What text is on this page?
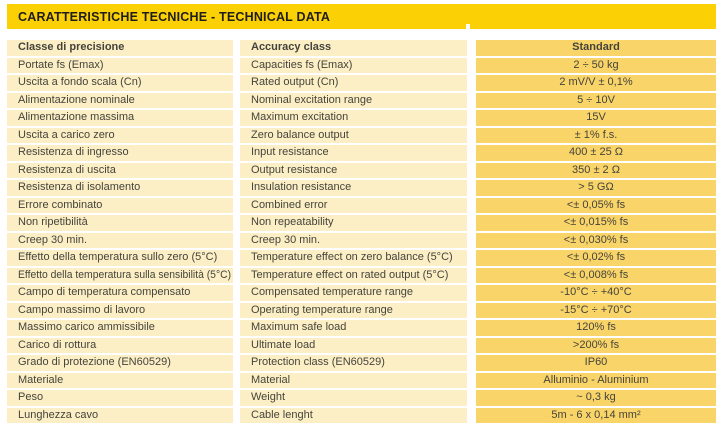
CARATTERISTICHE TECNICHE - TECHNICAL DATA
Classe di precisione	Accuracy class	Standard
Portate fs (Emax)	Capacities fs (Emax)	2 ÷ 50 kg
Uscita a fondo scala (Cn)	Rated output (Cn)	2 mV/V ± 0,1%
Alimentazione nominale	Nominal excitation range	5 ÷ 10V
Alimentazione massima	Maximum excitation	15V
Uscita a carico zero	Zero balance output	± 1% f.s.
Resistenza di ingresso	Input resistance	400 ± 25 Ω
Resistenza di uscita	Output resistance	350 ± 2 Ω
Resistenza di isolamento	Insulation resistance	> 5 GΩ
Errore combinato	Combined error	<± 0,05% fs
Non ripetibilità	Non repeatability	<± 0,015% fs
Creep 30 min.	Creep 30 min.	<± 0,030% fs
Effetto della temperatura sullo zero (5°C)	Temperature effect on zero balance (5°C)	<± 0,02% fs
Effetto della temperatura sulla sensibilità (5°C)	Temperature effect on rated output (5°C)	<± 0,008% fs
Campo di temperatura compensato	Compensated temperature range	-10°C ÷ +40°C
Campo massimo di lavoro	Operating temperature range	-15°C ÷ +70°C
Massimo carico ammissibile	Maximum safe load	120% fs
Carico di rottura	Ultimate load	>200% fs
Grado di protezione (EN60529)	Protection class (EN60529)	IP60
Materiale	Material	Alluminio - Aluminium
Peso	Weight	~ 0,3 kg
Lunghezza cavo	Cable lenght	5m - 6 x 0,14 mm²
